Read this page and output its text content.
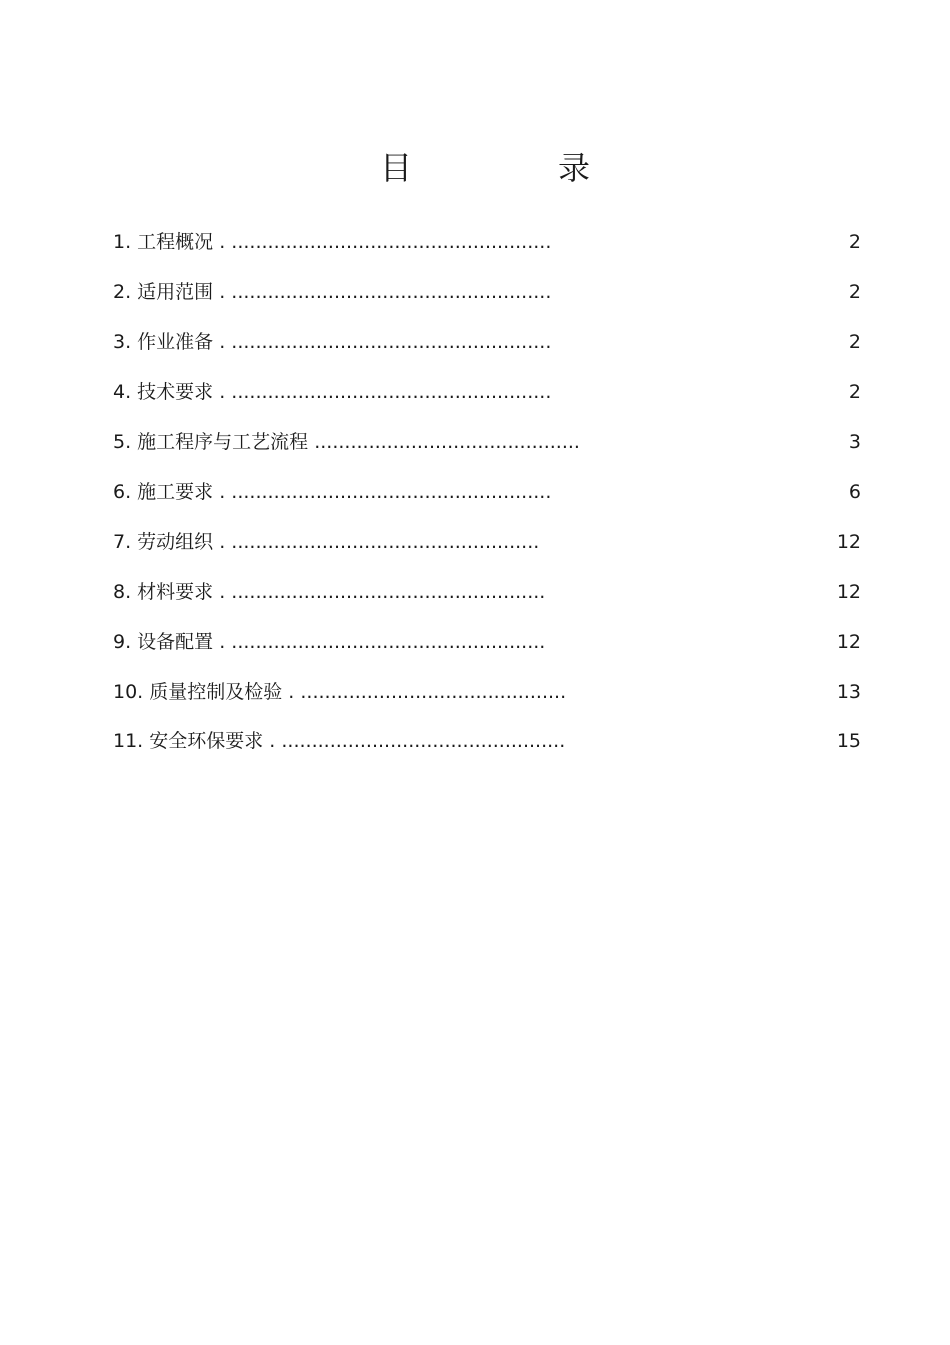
目	录
1. 工程概况 . .....................................................	2
2. 适用范围 . .....................................................	2
3. 作业准备 . .....................................................	2
4. 技术要求 . .....................................................	2
5. 施工程序与工艺流程 ............................................	3
6. 施工要求 . .....................................................	6
7. 劳动组织 . ...................................................	12
8. 材料要求 . ....................................................	12
9. 设备配置 . ....................................................	12
10. 质量控制及检验 . ............................................	13
11. 安全环保要求 . ...............................................	15
